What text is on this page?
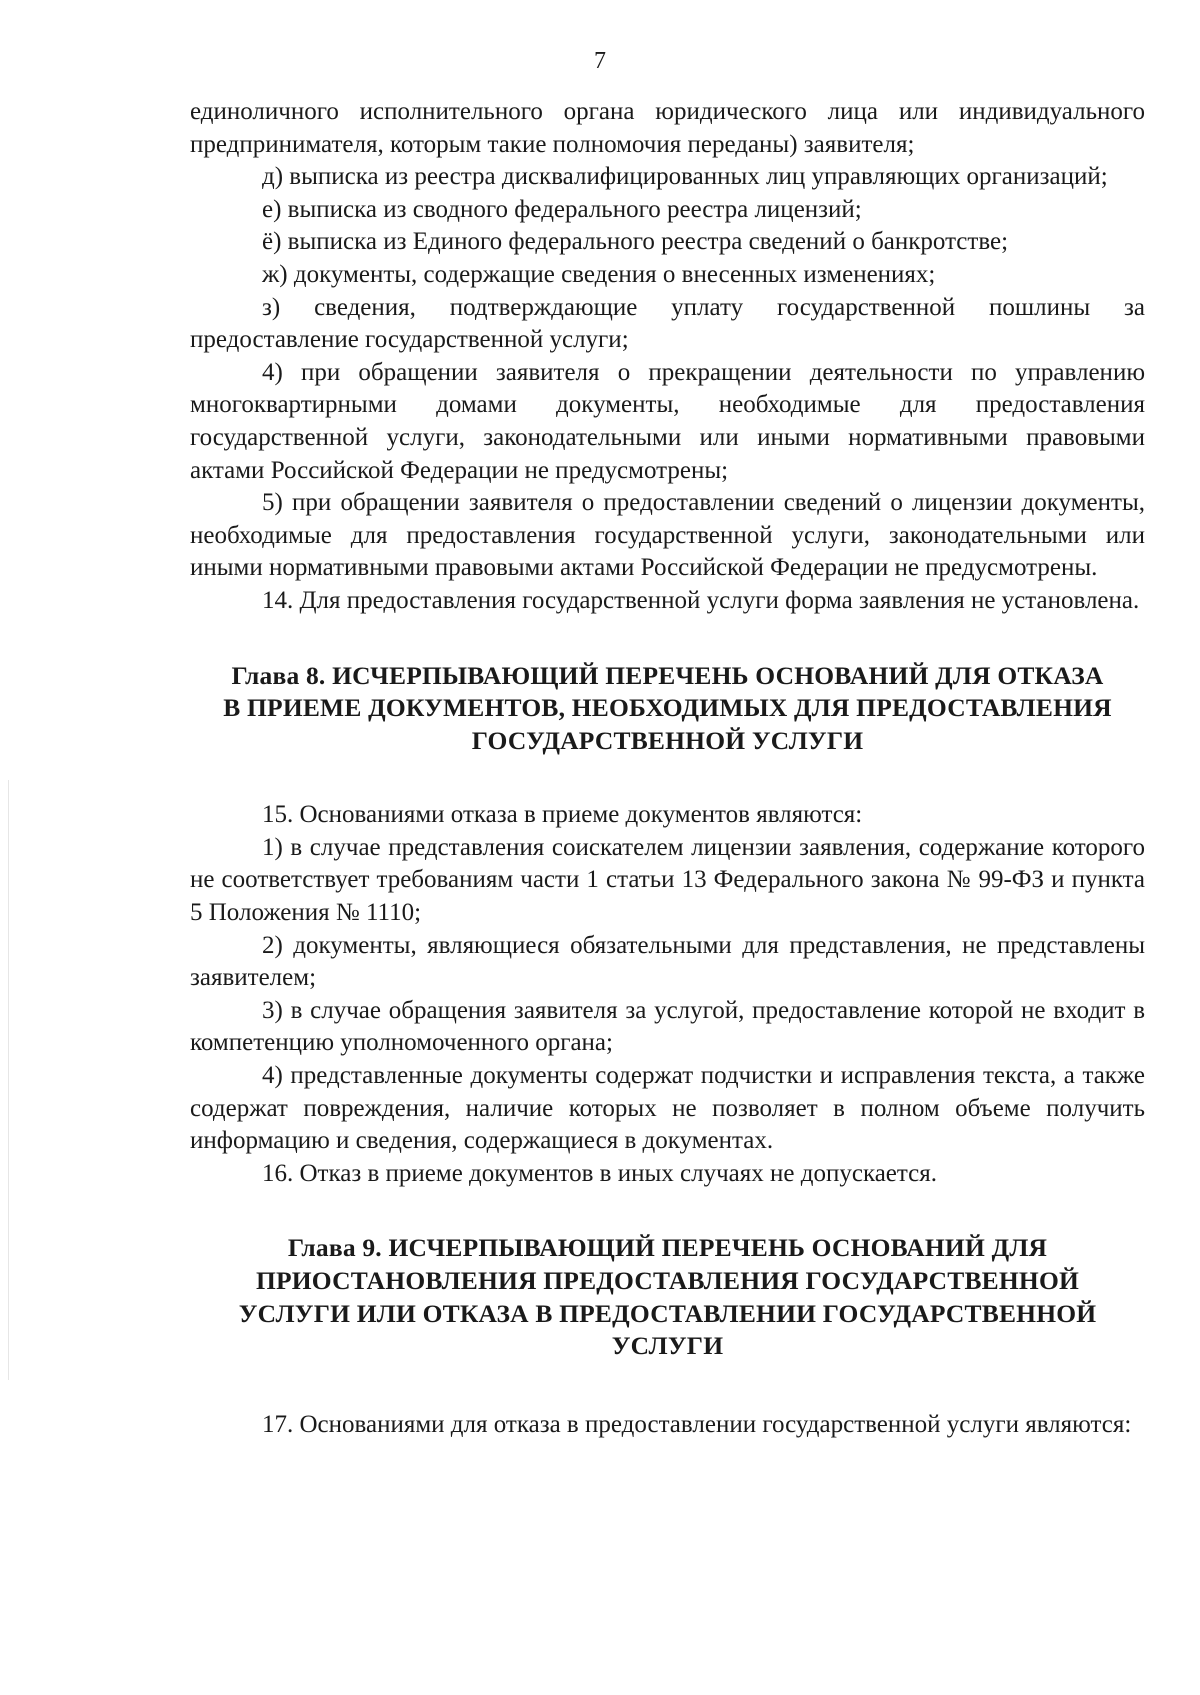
7

единоличного исполнительного органа юридического лица или индивидуального предпринимателя, которым такие полномочия переданы) заявителя;

д) выписка из реестра дисквалифицированных лиц управляющих организаций;

е) выписка из сводного федерального реестра лицензий;

ё) выписка из Единого федерального реестра сведений о банкротстве;

ж) документы, содержащие сведения о внесенных изменениях;

з) сведения, подтверждающие уплату государственной пошлины за предоставление государственной услуги;

4) при обращении заявителя о прекращении деятельности по управлению многоквартирными домами документы, необходимые для предоставления государственной услуги, законодательными или иными нормативными правовыми актами Российской Федерации не предусмотрены;

5) при обращении заявителя о предоставлении сведений о лицензии документы, необходимые для предоставления государственной услуги, законодательными или иными нормативными правовыми актами Российской Федерации не предусмотрены.

14. Для предоставления государственной услуги форма заявления не установлена.

Глава 8. ИСЧЕРПЫВАЮЩИЙ ПЕРЕЧЕНЬ ОСНОВАНИЙ ДЛЯ ОТКАЗА
В ПРИЕМЕ ДОКУМЕНТОВ, НЕОБХОДИМЫХ ДЛЯ ПРЕДОСТАВЛЕНИЯ
ГОСУДАРСТВЕННОЙ УСЛУГИ

15. Основаниями отказа в приеме документов являются:

1) в случае представления соискателем лицензии заявления, содержание которого не соответствует требованиям части 1 статьи 13 Федерального закона № 99-ФЗ и пункта 5 Положения № 1110;

2) документы, являющиеся обязательными для представления, не представлены заявителем;

3) в случае обращения заявителя за услугой, предоставление которой не входит в компетенцию уполномоченного органа;

4) представленные документы содержат подчистки и исправления текста, а также содержат повреждения, наличие которых не позволяет в полном объеме получить информацию и сведения, содержащиеся в документах.

16. Отказ в приеме документов в иных случаях не допускается.

Глава 9. ИСЧЕРПЫВАЮЩИЙ ПЕРЕЧЕНЬ ОСНОВАНИЙ ДЛЯ
ПРИОСТАНОВЛЕНИЯ ПРЕДОСТАВЛЕНИЯ ГОСУДАРСТВЕННОЙ
УСЛУГИ ИЛИ ОТКАЗА В ПРЕДОСТАВЛЕНИИ ГОСУДАРСТВЕННОЙ
УСЛУГИ

17. Основаниями для отказа в предоставлении государственной услуги являются:
